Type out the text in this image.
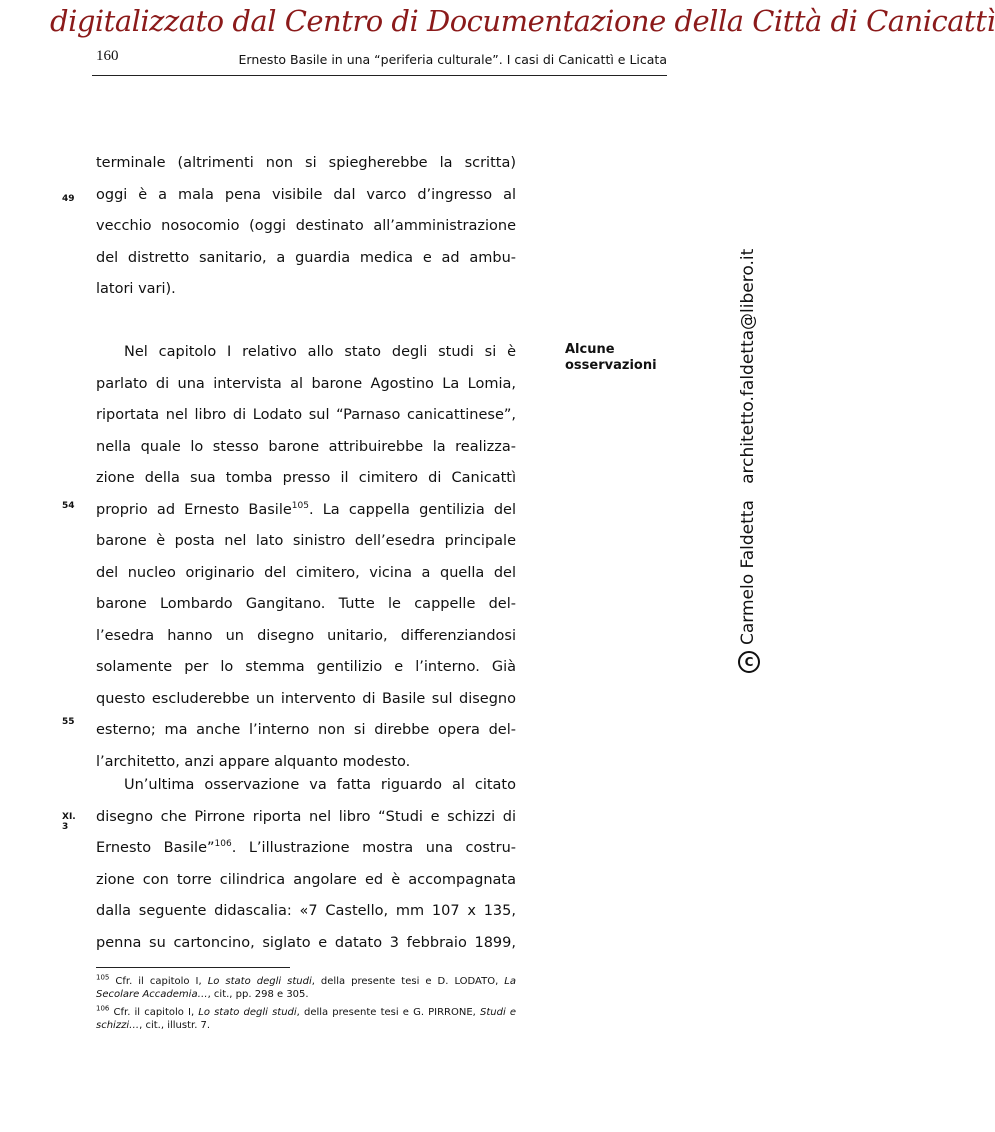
digitalizzato dal Centro di Documentazione della Città di Canicattì
160	Ernesto Basile in una “periferia culturale”. I casi di Canicattì e Licata
terminale (altrimenti non si spiegherebbe la scritta)
oggi è a mala pena visibile dal varco d’ingresso al
vecchio nosocomio (oggi destinato all’amministrazione
del distretto sanitario, a guardia medica e ad ambu-
latori vari).
Nel capitolo I relativo allo stato degli studi si è
parlato di una intervista al barone Agostino La Lomia,
riportata nel libro di Lodato sul “Parnaso canicattinese”,
nella quale lo stesso barone attribuirebbe la realizza-
zione della sua tomba presso il cimitero di Canicattì
proprio ad Ernesto Basile$^{105}$. La cappella gentilizia del
barone è posta nel lato sinistro dell’esedra principale
del nucleo originario del cimitero, vicina a quella del
barone Lombardo Gangitano. Tutte le cappelle del-
l’esedra hanno un disegno unitario, differenziandosi
solamente per lo stemma gentilizio e l’interno. Già
questo escluderebbe un intervento di Basile sul disegno
esterno; ma anche l’interno non si direbbe opera del-
l’architetto, anzi appare alquanto modesto.
Un’ultima osservazione va fatta riguardo al citato
disegno che Pirrone riporta nel libro “Studi e schizzi di
Ernesto Basile”$^{106}$. L’illustrazione mostra una costru-
zione con torre cilindrica angolare ed è accompagnata
dalla seguente didascalia: «7 Castello, mm 107 x 135,
penna su cartoncino, siglato e datato 3 febbraio 1899,
49
54
55
XI.
3
Alcune
osservazioni
CCarmelo Faldetta   architetto.faldetta@libero.it
$^{105}$ Cfr. il capitolo I, Lo stato degli studi, della presente tesi e D. LODATO, La Secolare Accademia…, cit., pp. 298 e 305.
$^{106}$ Cfr. il capitolo I, Lo stato degli studi, della presente tesi e G. PIRRONE, Studi e schizzi…, cit., illustr. 7.
